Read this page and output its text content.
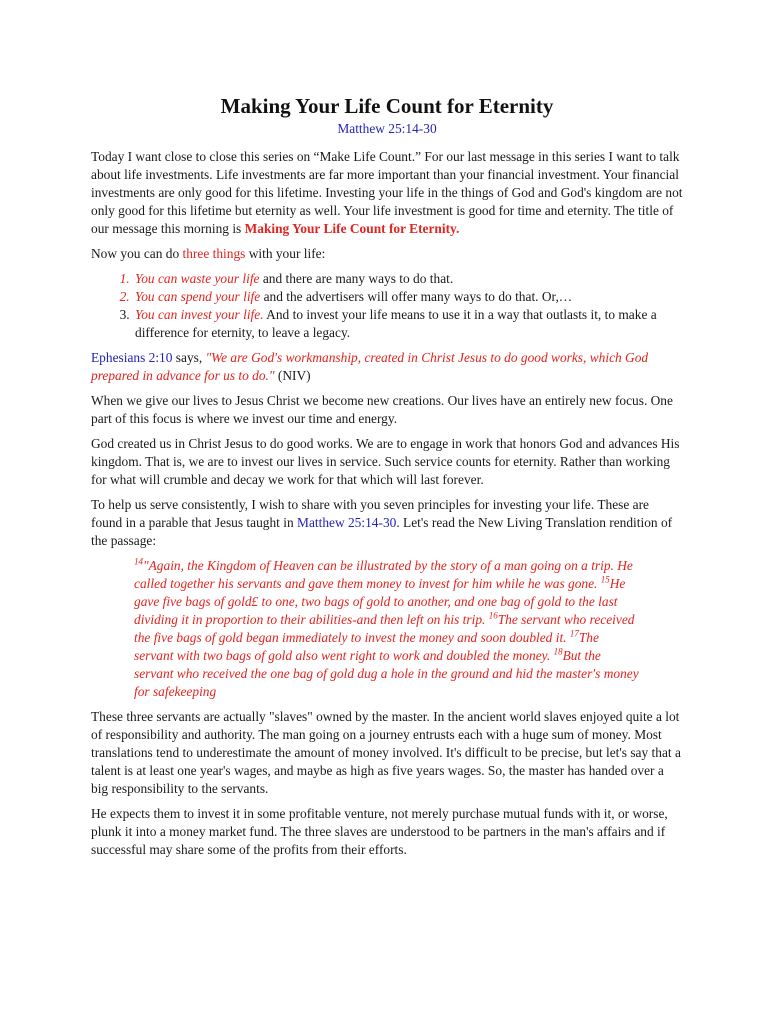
Making Your Life Count for Eternity
Matthew 25:14-30

Today I want close to close this series on “Make Life Count.” For our last message in this series I want to talk about life investments. Life investments are far more important than your financial investment. Your financial investments are only good for this lifetime. Investing your life in the things of God and God's kingdom are not only good for this lifetime but eternity as well. Your life investment is good for time and eternity. The title of our message this morning is Making Your Life Count for Eternity.

Now you can do three things with your life:

1. You can waste your life and there are many ways to do that.
2. You can spend your life and the advertisers will offer many ways to do that. Or,…
3. You can invest your life. And to invest your life means to use it in a way that outlasts it, to make a difference for eternity, to leave a legacy.

Ephesians 2:10 says, "We are God's workmanship, created in Christ Jesus to do good works, which God prepared in advance for us to do." (NIV)

When we give our lives to Jesus Christ we become new creations. Our lives have an entirely new focus. One part of this focus is where we invest our time and energy.

God created us in Christ Jesus to do good works. We are to engage in work that honors God and advances His kingdom. That is, we are to invest our lives in service. Such service counts for eternity. Rather than working for what will crumble and decay we work for that which will last forever.

To help us serve consistently, I wish to share with you seven principles for investing your life. These are found in a parable that Jesus taught in Matthew 25:14-30. Let's read the New Living Translation rendition of the passage:

$^{14}$"Again, the Kingdom of Heaven can be illustrated by the story of a man going on a trip. He called together his servants and gave them money to invest for him while he was gone. $^{15}$He gave five bags of gold£ to one, two bags of gold to another, and one bag of gold to the last dividing it in proportion to their abilities-and then left on his trip. $^{16}$The servant who received the five bags of gold began immediately to invest the money and soon doubled it. $^{17}$The servant with two bags of gold also went right to work and doubled the money. $^{18}$But the servant who received the one bag of gold dug a hole in the ground and hid the master's money for safekeeping

These three servants are actually "slaves" owned by the master. In the ancient world slaves enjoyed quite a lot of responsibility and authority. The man going on a journey entrusts each with a huge sum of money. Most translations tend to underestimate the amount of money involved. It's difficult to be precise, but let's say that a talent is at least one year's wages, and maybe as high as five years wages. So, the master has handed over a big responsibility to the servants.

He expects them to invest it in some profitable venture, not merely purchase mutual funds with it, or worse, plunk it into a money market fund. The three slaves are understood to be partners in the man's affairs and if successful may share some of the profits from their efforts.
